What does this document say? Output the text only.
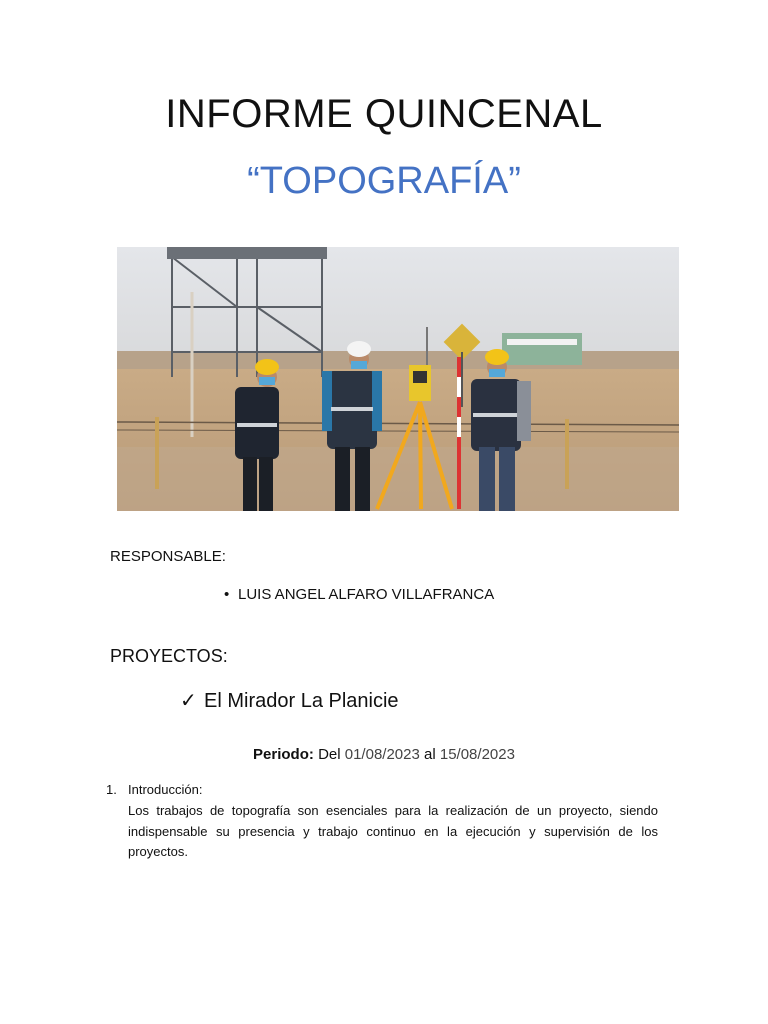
INFORME QUINCENAL
“TOPOGRAFÍA”
RESPONSABLE:
• LUIS ANGEL ALFARO VILLAFRANCA
PROYECTOS:
✓ El Mirador La Planicie
Periodo: Del 01/08/2023 al 15/08/2023
1. Introducción:
Los trabajos de topografía son esenciales para la realización de un proyecto, siendo indispensable su presencia y trabajo continuo en la ejecución y supervisión de los proyectos.
